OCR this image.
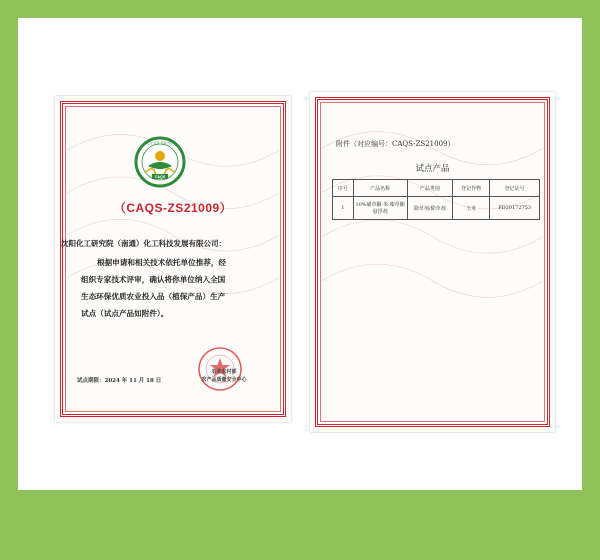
CAQS
农业 优质 环保 放心
（CAQS-ZS21009）
沈阳化工研究院（南通）化工科技发展有限公司：

根据申请和相关技术依托单位推荐，经

组织专家技术评审，确认将你单位纳入全国

生态环保优质农业投入品（植保产品）生产

试点（试点产品如附件）。

试点期限：2024 年 11 月 18 日
农业农村部
农产品质量安全中心
附件（对应编号：CAQS-ZS21009）
试点产品
序号	产品名称	产品类别	登记作物	登记证号
1	10%磺草酮·苯·嗪草酮悬浮剂	除草剂/除草剂	玉米	PD20172753
